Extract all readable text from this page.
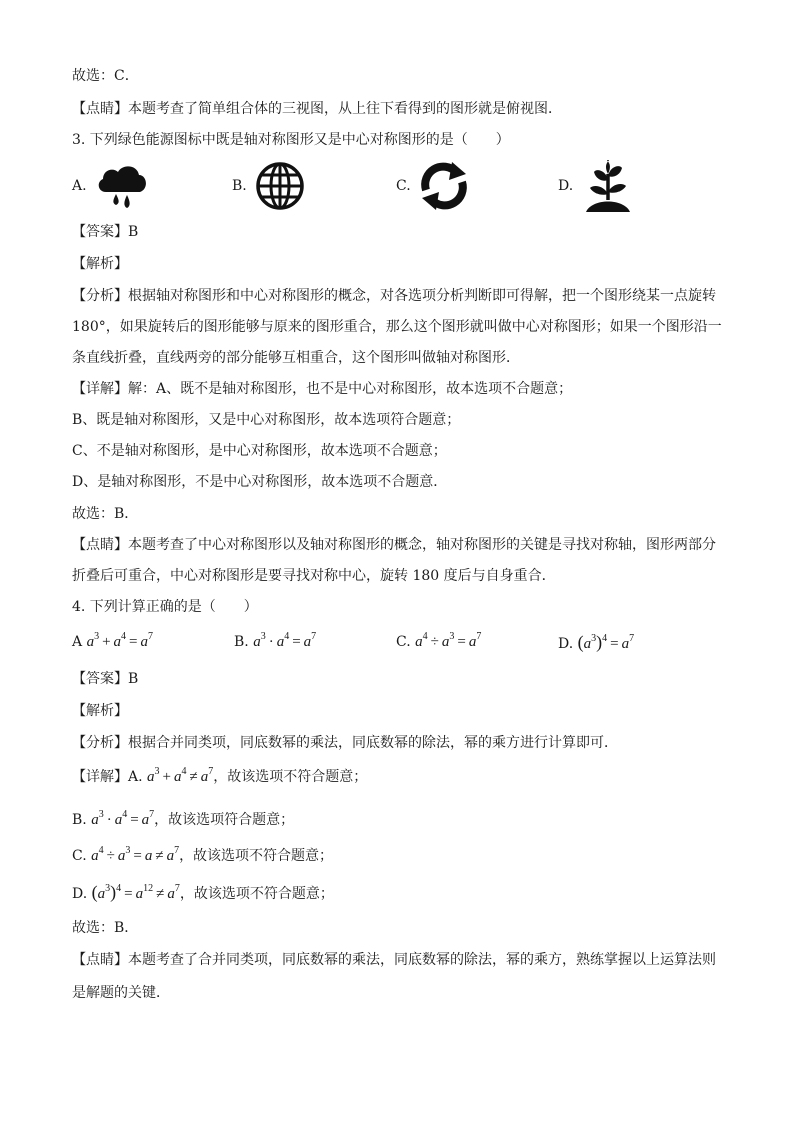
故选：C．
【点睛】本题考查了简单组合体的三视图，从上往下看得到的图形就是俯视图．
3. 下列绿色能源图标中既是轴对称图形又是中心对称图形的是（　　）
A.	B.	C.	D.
【答案】B
【解析】
【分析】根据轴对称图形和中心对称图形的概念，对各选项分析判断即可得解，把一个图形绕某一点旋转
180°，如果旋转后的图形能够与原来的图形重合，那么这个图形就叫做中心对称图形；如果一个图形沿一
条直线折叠，直线两旁的部分能够互相重合，这个图形叫做轴对称图形．
【详解】解：A、既不是轴对称图形，也不是中心对称图形，故本选项不合题意；
B、既是轴对称图形，又是中心对称图形，故本选项符合题意；
C、不是轴对称图形，是中心对称图形，故本选项不合题意；
D、是轴对称图形，不是中心对称图形，故本选项不合题意．
故选：B．
【点睛】本题考查了中心对称图形以及轴对称图形的概念，轴对称图形的关键是寻找对称轴，图形两部分
折叠后可重合，中心对称图形是要寻找对称中心，旋转 180 度后与自身重合．
4. 下列计算正确的是（　　）
A $a^3 + a^4 = a^7$	B. $a^3 \cdot a^4 = a^7$	C. $a^4 \div a^3 = a^7$	D. $(a^3)^4 = a^7$
【答案】B
【解析】
【分析】根据合并同类项，同底数幂的乘法，同底数幂的除法，幂的乘方进行计算即可．
【详解】A. $a^3 + a^4 \ne a^7$，故该选项不符合题意；
B. $a^3 \cdot a^4 = a^7$，故该选项符合题意；
C. $a^4 \div a^3 = a \ne a^7$，故该选项不符合题意；
D. $(a^3)^4 = a^{12} \ne a^7$，故该选项不符合题意；
故选：B．
【点睛】本题考查了合并同类项，同底数幂的乘法，同底数幂的除法，幂的乘方，熟练掌握以上运算法则
是解题的关键．
